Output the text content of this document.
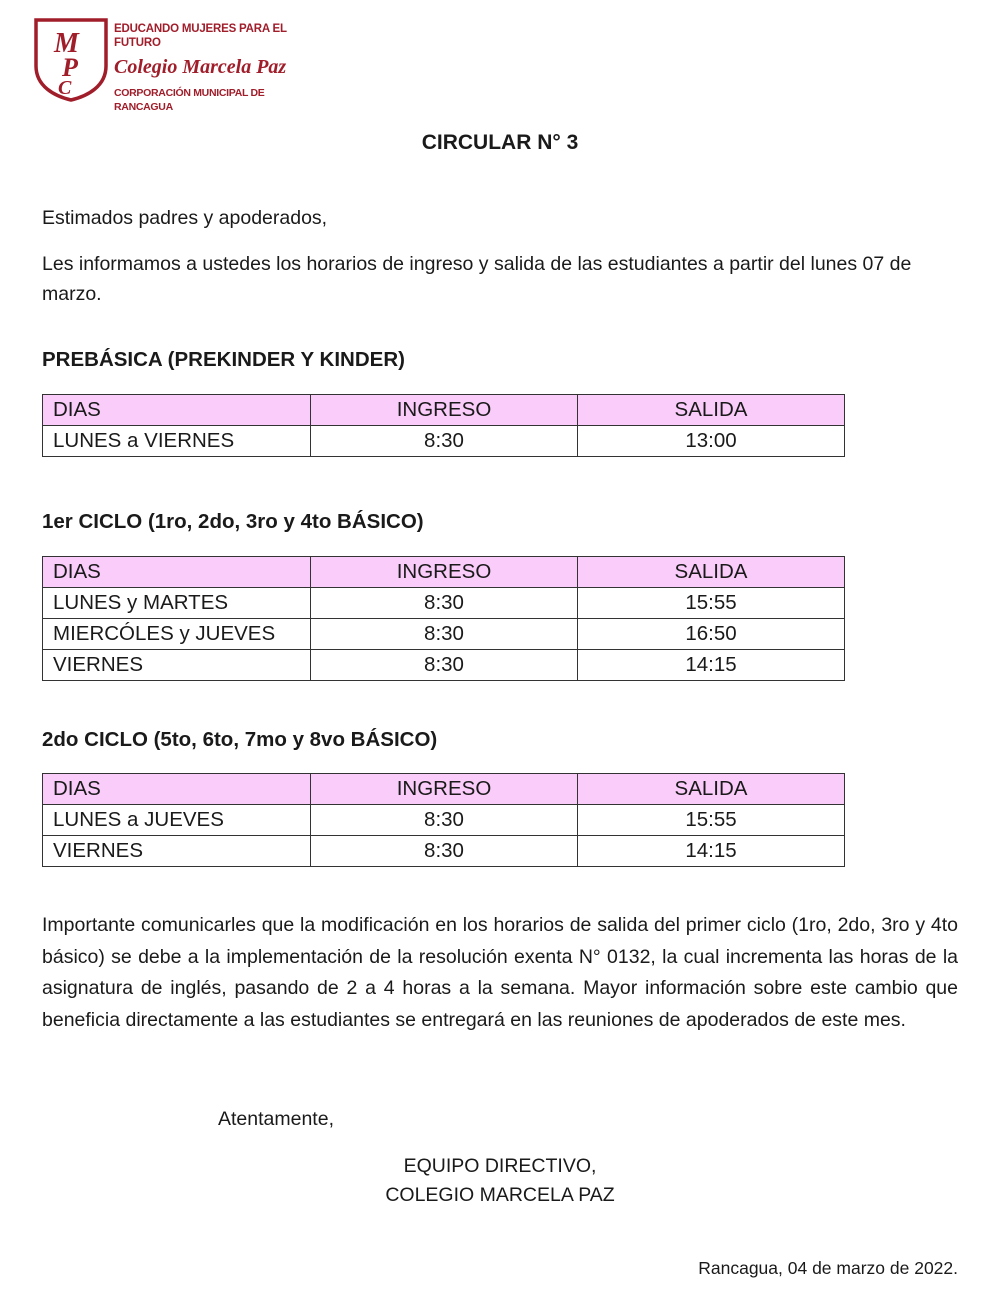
M
P
C
EDUCANDO MUJERES PARA EL FUTURO
Colegio Marcela Paz
CORPORACIÓN MUNICIPAL DE RANCAGUA
CIRCULAR N° 3

Estimados padres y apoderados,

Les informamos a ustedes los horarios de ingreso y salida de las estudiantes a partir del lunes 07 de marzo.

PREBÁSICA (PREKINDER Y KINDER)
DIAS	INGRESO	SALIDA
LUNES a VIERNES	8:30	13:00
1er CICLO (1ro, 2do, 3ro y 4to BÁSICO)
DIAS	INGRESO	SALIDA
LUNES y MARTES	8:30	15:55
MIERCÓLES y JUEVES	8:30	16:50
VIERNES	8:30	14:15
2do CICLO (5to, 6to, 7mo y 8vo BÁSICO)
DIAS	INGRESO	SALIDA
LUNES a JUEVES	8:30	15:55
VIERNES	8:30	14:15

Importante comunicarles que la modificación en los horarios de salida del primer ciclo (1ro, 2do, 3ro y 4to básico) se debe a la implementación de la resolución exenta N° 0132, la cual incrementa las horas de la asignatura de inglés, pasando de 2 a 4 horas a la semana. Mayor información sobre este cambio que beneficia directamente a las estudiantes se entregará en las reuniones de apoderados de este mes.

Atentamente,

EQUIPO DIRECTIVO,
COLEGIO MARCELA PAZ

Rancagua, 04 de marzo de 2022.
